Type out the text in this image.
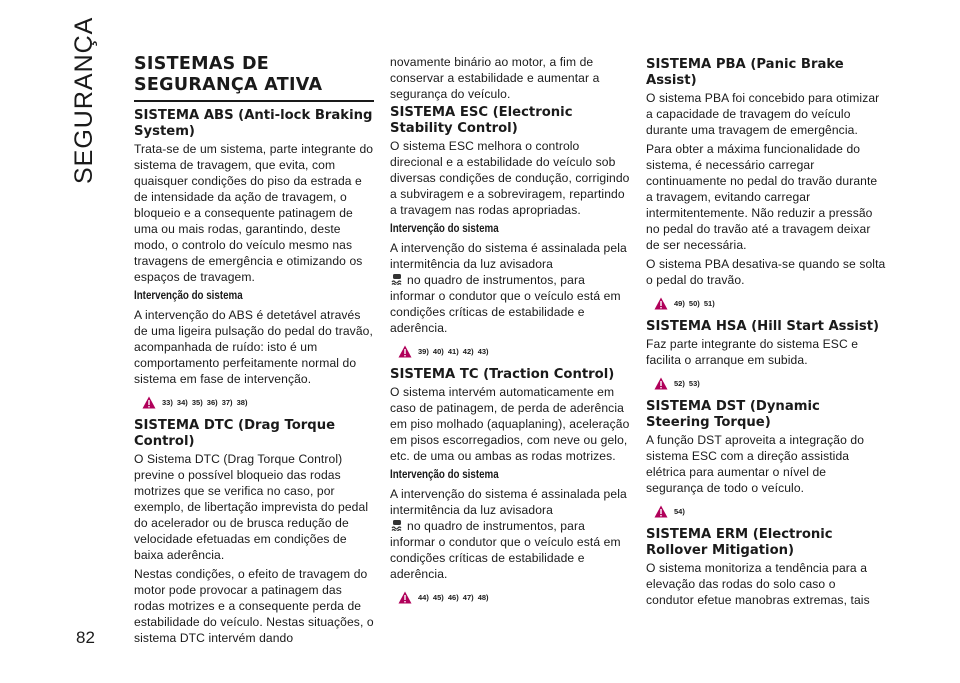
SEGURANÇA
82
SISTEMAS DE SEGURANÇA ATIVA
SISTEMA ABS (Anti-lock Braking System)

Trata-se de um sistema, parte integrante do sistema de travagem, que evita, com quaisquer condições do piso da estrada e de intensidade da ação de travagem, o bloqueio e a consequente patinagem de uma ou mais rodas, garantindo, deste modo, o controlo do veículo mesmo nas travagens de emergência e otimizando os espaços de travagem.

Intervenção do sistema

A intervenção do ABS é detetável através de uma ligeira pulsação do pedal do travão, acompanhada de ruído: isto é um comportamento perfeitamente normal do sistema em fase de intervenção.

33) 34) 35) 36) 37) 38)
SISTEMA DTC (Drag Torque Control)

O Sistema DTC (Drag Torque Control) previne o possível bloqueio das rodas motrizes que se verifica no caso, por exemplo, de libertação imprevista do pedal do acelerador ou de brusca redução de velocidade efetuadas em condições de baixa aderência.

Nestas condições, o efeito de travagem do motor pode provocar a patinagem das rodas motrizes e a consequente perda de estabilidade do veículo. Nestas situações, o sistema DTC intervém dando

novamente binário ao motor, a fim de conservar a estabilidade e aumentar a segurança do veículo.

SISTEMA ESC (Electronic Stability Control)

O sistema ESC melhora o controlo direcional e a estabilidade do veículo sob diversas condições de condução, corrigindo a subviragem e a sobreviragem, repartindo a travagem nas rodas apropriadas.

Intervenção do sistema

A intervenção do sistema é assinalada pela intermitência da luz avisadora
no quadro de instrumentos, para informar o condutor que o veículo está em condições críticas de estabilidade e aderência.

39) 40) 41) 42) 43)
SISTEMA TC (Traction Control)

O sistema intervém automaticamente em caso de patinagem, de perda de aderência em piso molhado (aquaplaning), aceleração em pisos escorregadios, com neve ou gelo, etc. de uma ou ambas as rodas motrizes.

Intervenção do sistema

A intervenção do sistema é assinalada pela intermitência da luz avisadora
no quadro de instrumentos, para informar o condutor que o veículo está em condições críticas de estabilidade e aderência.

44) 45) 46) 47) 48)
SISTEMA PBA (Panic Brake Assist)

O sistema PBA foi concebido para otimizar a capacidade de travagem do veículo durante uma travagem de emergência.

Para obter a máxima funcionalidade do sistema, é necessário carregar continuamente no pedal do travão durante a travagem, evitando carregar intermitentemente. Não reduzir a pressão no pedal do travão até a travagem deixar de ser necessária.

O sistema PBA desativa-se quando se solta o pedal do travão.

49) 50) 51)
SISTEMA HSA (Hill Start Assist)

Faz parte integrante do sistema ESC e facilita o arranque em subida.

52) 53)
SISTEMA DST (Dynamic Steering Torque)

A função DST aproveita a integração do sistema ESC com a direção assistida elétrica para aumentar o nível de segurança de todo o veículo.

54)
SISTEMA ERM (Electronic Rollover Mitigation)

O sistema monitoriza a tendência para a elevação das rodas do solo caso o condutor efetue manobras extremas, tais
